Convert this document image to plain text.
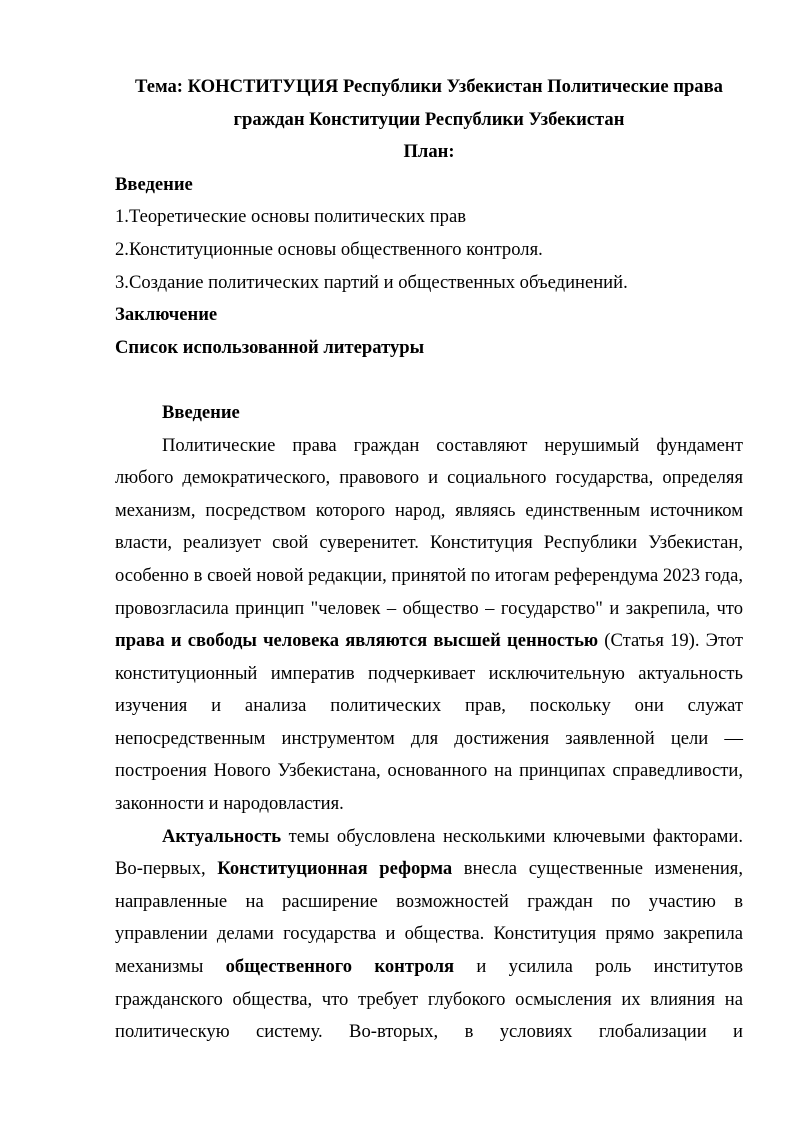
Тема: КОНСТИТУЦИЯ Республики Узбекистан Политические права

граждан Конституции Республики Узбекистан

План:

Введение

1.Теоретические основы политических прав

2.Конституционные основы общественного контроля.

3.Создание политических партий и общественных объединений.

Заключение

Список использованной литературы

Введение

Политические права граждан составляют нерушимый фундамент любого демократического, правового и социального государства, определяя механизм, посредством которого народ, являясь единственным источником власти, реализует свой суверенитет. Конституция Республики Узбекистан, особенно в своей новой редакции, принятой по итогам референдума 2023 года, провозгласила принцип "человек – общество – государство" и закрепила, что права и свободы человека являются высшей ценностью (Статья 19). Этот конституционный императив подчеркивает исключительную актуальность изучения и анализа политических прав, поскольку они служат непосредственным инструментом для достижения заявленной цели — построения Нового Узбекистана, основанного на принципах справедливости, законности и народовластия.

Актуальность темы обусловлена несколькими ключевыми факторами. Во-первых, Конституционная реформа внесла существенные изменения, направленные на расширение возможностей граждан по участию в управлении делами государства и общества. Конституция прямо закрепила механизмы общественного контроля и усилила роль институтов гражданского общества, что требует глубокого осмысления их влияния на политическую систему. Во-вторых, в условиях глобализации и
